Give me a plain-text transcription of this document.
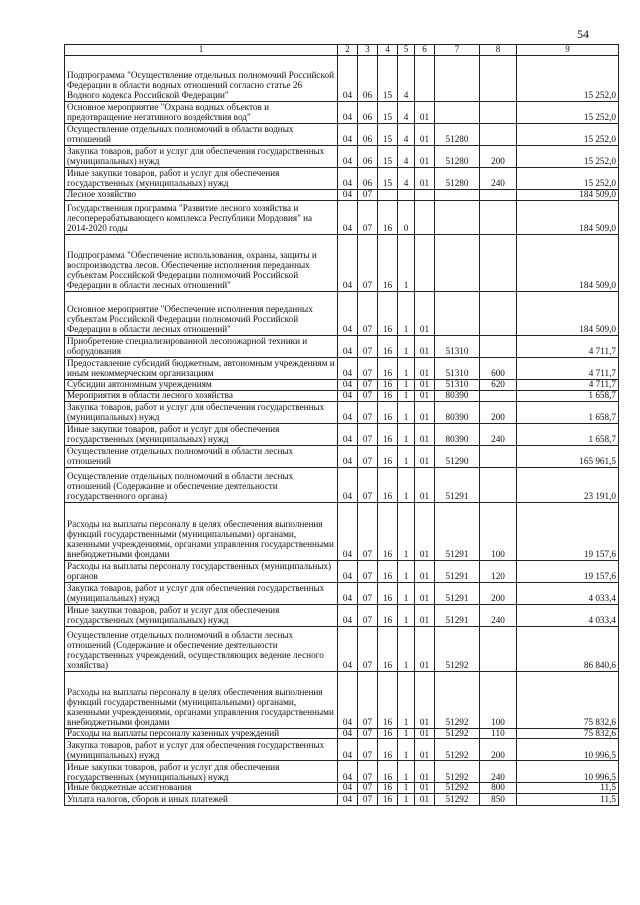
54
1	2	3	4	5	6	7	8	9
Подпрограмма "Осуществление отдельных полномочий Российской Федерации в области водных отношений согласно статье 26 Водного кодекса Российской Федерации"	04	06	15	4				15 252,0
Основное мероприятие "Охрана водных объектов и предотвращение негативного воздействия вод"	04	06	15	4	01			15 252,0
Осуществление отдельных полномочий в области водных отношений	04	06	15	4	01	51280		15 252,0
Закупка товаров, работ и услуг для обеспечения государственных (муниципальных) нужд	04	06	15	4	01	51280	200	15 252,0
Иные закупки товаров, работ и услуг для обеспечения государственных (муниципальных) нужд	04	06	15	4	01	51280	240	15 252,0
Лесное хозяйство	04	07						184 509,0
Государственная программа "Развитие лесного хозяйства и лесоперерабатывающего комплекса Республики Мордовия" на 2014-2020 годы	04	07	16	0				184 509,0
Подпрограмма "Обеспечение использования, охраны, защиты и воспроизводства лесов. Обеспечение исполнения переданных субъектам Российской Федерации полномочий Российской Федерации в области лесных отношений"	04	07	16	1				184 509,0
Основное мероприятие "Обеспечение исполнения переданных субъектам Российской Федерации полномочий Российской Федерации в области лесных отношений"	04	07	16	1	01			184 509,0
Приобретение специализированной лесопожарной техники и оборудования	04	07	16	1	01	51310		4 711,7
Предоставление субсидий бюджетным, автономным учреждениям и иным некоммерческим организациям	04	07	16	1	01	51310	600	4 711,7
Субсидии автономным учреждениям	04	07	16	1	01	51310	620	4 711,7
Мероприятия в области лесного хозяйства	04	07	16	1	01	80390		1 658,7
Закупка товаров, работ и услуг для обеспечения государственных (муниципальных) нужд	04	07	16	1	01	80390	200	1 658,7
Иные закупки товаров, работ и услуг для обеспечения государственных (муниципальных) нужд	04	07	16	1	01	80390	240	1 658,7
Осуществление отдельных полномочий в области лесных отношений	04	07	16	1	01	51290		165 961,5
Осуществление отдельных полномочий в области лесных отношений (Содержание и обеспечение деятельности государственного органа)	04	07	16	1	01	51291		23 191,0
Расходы на выплаты персоналу в целях обеспечения выполнения функций государственными (муниципальными) органами, казенными учреждениями, органами управления государственными внебюджетными фондами	04	07	16	1	01	51291	100	19 157,6
Расходы на выплаты персоналу государственных (муниципальных) органов	04	07	16	1	01	51291	120	19 157,6
Закупка товаров, работ и услуг для обеспечения государственных (муниципальных) нужд	04	07	16	1	01	51291	200	4 033,4
Иные закупки товаров, работ и услуг для обеспечения государственных (муниципальных) нужд	04	07	16	1	01	51291	240	4 033,4
Осуществление отдельных полномочий в области лесных отношений (Содержание и обеспечение деятельности государственных учреждений, осуществляющих ведение лесного хозяйства)	04	07	16	1	01	51292		86 840,6
Расходы на выплаты персоналу в целях обеспечения выполнения функций государственными (муниципальными) органами, казенными учреждениями, органами управления государственными внебюджетными фондами	04	07	16	1	01	51292	100	75 832,6
Расходы на выплаты персоналу казенных учреждений	04	07	16	1	01	51292	110	75 832,6
Закупка товаров, работ и услуг для обеспечения государственных (муниципальных) нужд	04	07	16	1	01	51292	200	10 996,5
Иные закупки товаров, работ и услуг для обеспечения государственных (муниципальных) нужд	04	07	16	1	01	51292	240	10 996,5
Иные бюджетные ассигнования	04	07	16	1	01	51292	800	11,5
Уплата налогов, сборов и иных платежей	04	07	16	1	01	51292	850	11,5
